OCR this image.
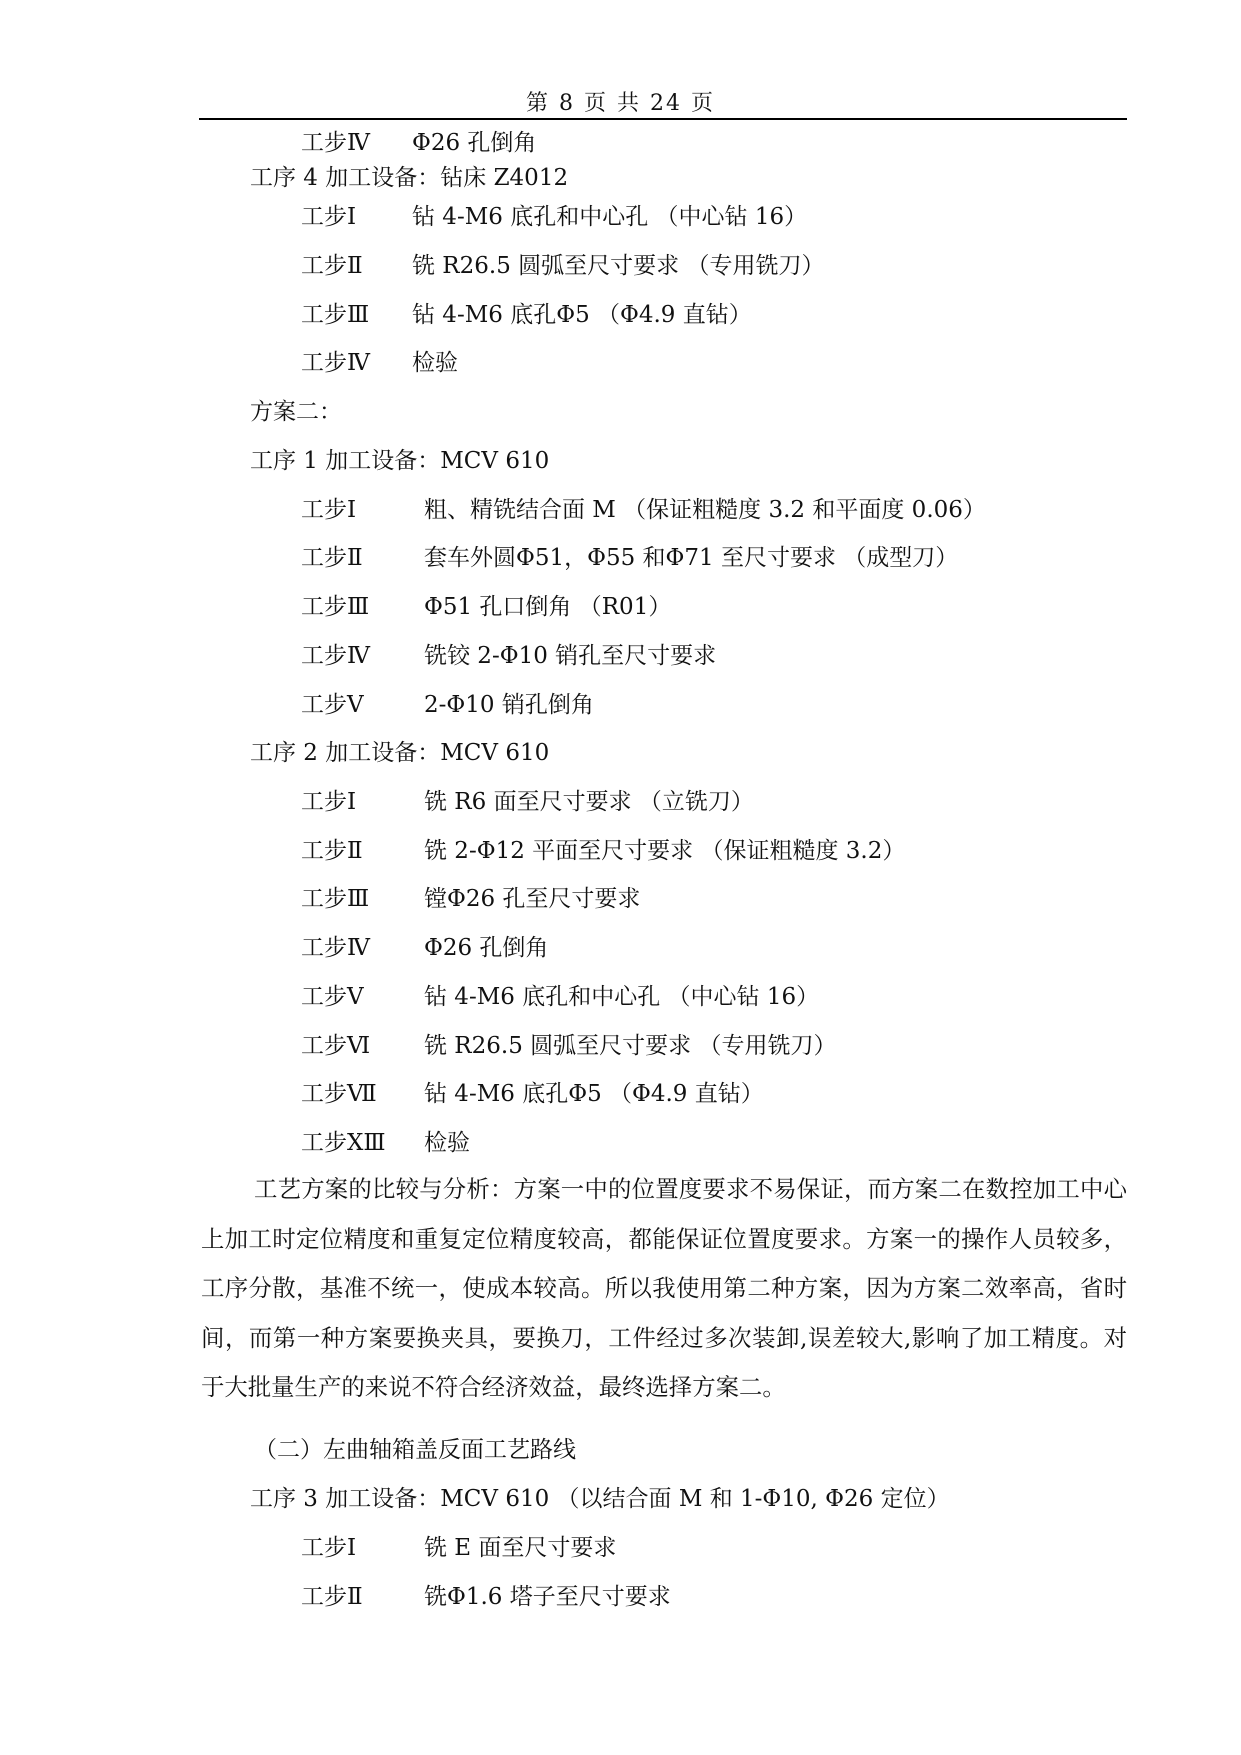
第 8 页 共 24 页
工步Ⅳ Φ26 孔倒角
工序 4 加工设备：钻床 Z4012
工步Ⅰ 钻 4-M6 底孔和中心孔 （中心钻 16）
工步Ⅱ 铣 R26.5 圆弧至尺寸要求 （专用铣刀）
工步Ⅲ 钻 4-M6 底孔Φ5 （Φ4.9 直钻）
工步Ⅳ 检验
方案二：
工序 1 加工设备：MCV 610
工步Ⅰ	粗、精铣结合面 M （保证粗糙度 3.2 和平面度 0.06）
工步Ⅱ	套车外圆Φ51，Φ55 和Φ71 至尺寸要求 （成型刀）
工步Ⅲ Φ51 孔口倒角 （R01）
工步Ⅳ 铣铰 2-Φ10 销孔至尺寸要求
工步Ⅴ	2-Φ10 销孔倒角
工序 2 加工设备：MCV 610
工步Ⅰ	铣 R6 面至尺寸要求 （立铣刀）
工步Ⅱ	铣 2-Φ12 平面至尺寸要求 （保证粗糙度 3.2）
工步Ⅲ 镗Φ26 孔至尺寸要求
工步Ⅳ Φ26 孔倒角
工步Ⅴ	钻 4-M6 底孔和中心孔 （中心钻 16）
工步Ⅵ 铣 R26.5 圆弧至尺寸要求 （专用铣刀）
工步Ⅶ 钻 4-M6 底孔Φ5 （Φ4.9 直钻）
工步ⅩⅢ 检验
工艺方案的比较与分析：方案一中的位置度要求不易保证，而方案二在数控加工中心上加工时定位精度和重复定位精度较高，都能保证位置度要求。方案一的操作人员较多，工序分散，基准不统一，使成本较高。所以我使用第二种方案，因为方案二效率高，省时间，而第一种方案要换夹具，要换刀，工件经过多次装卸,误差较大,影响了加工精度。对于大批量生产的来说不符合经济效益，最终选择方案二。
（二）左曲轴箱盖反面工艺路线
工序 3 加工设备：MCV 610 （以结合面 M 和 1-Φ10, Φ26 定位）
工步Ⅰ	铣 E 面至尺寸要求
工步Ⅱ	铣Φ1.6 塔子至尺寸要求
